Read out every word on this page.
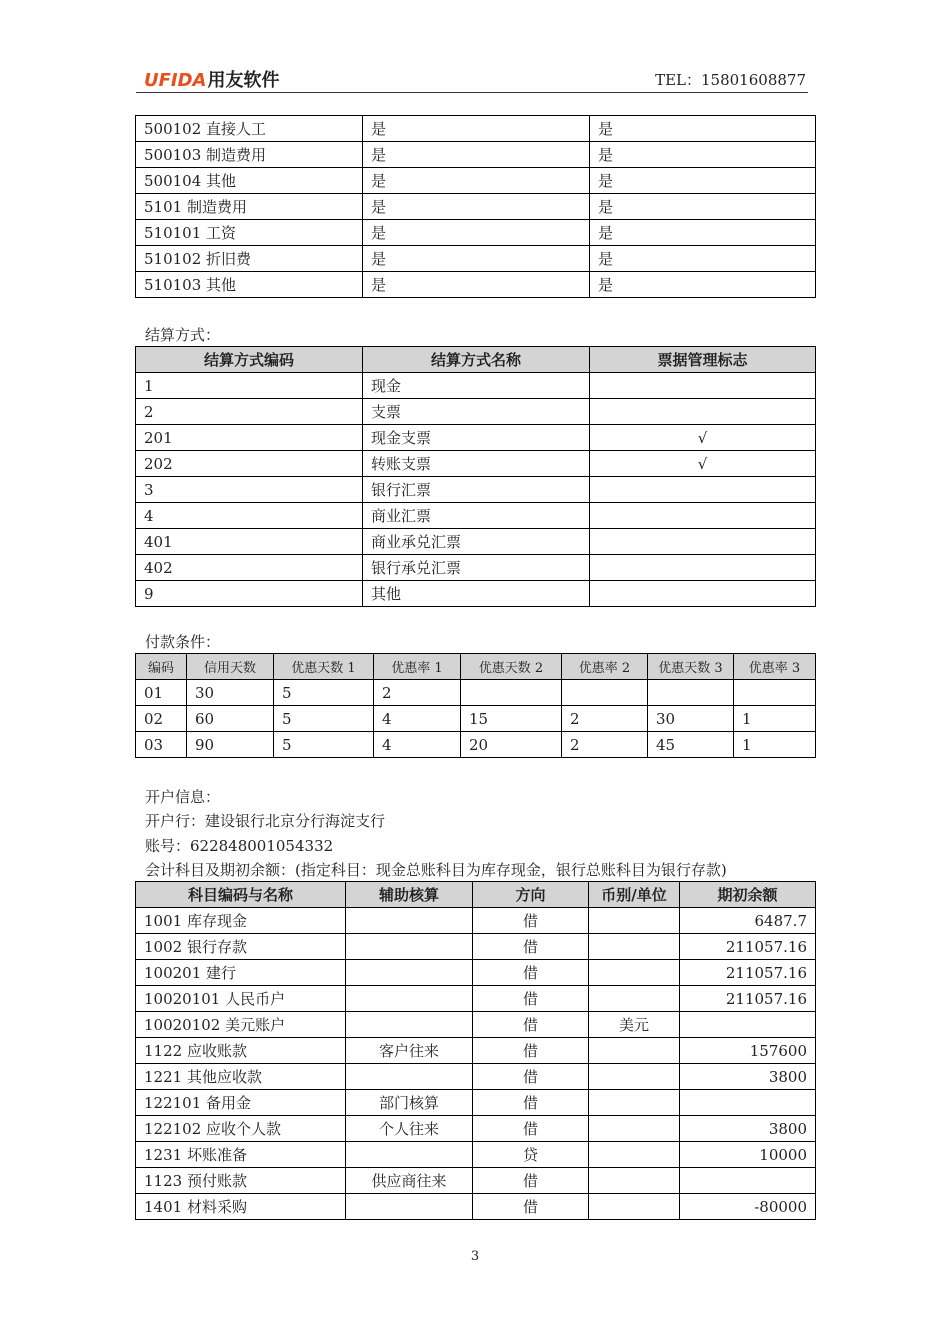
UFIDA用友软件	TEL：15801608877
500102 直接人工	是	是
500103 制造费用	是	是
500104 其他	是	是
5101 制造费用	是	是
510101 工资	是	是
510102 折旧费	是	是
510103 其他	是	是
结算方式：
结算方式编码	结算方式名称	票据管理标志
1	现金	
2	支票	
201	现金支票	√
202	转账支票	√
3	银行汇票	
4	商业汇票	
401	商业承兑汇票	
402	银行承兑汇票	
9	其他	
付款条件：
编码	信用天数	优惠天数 1	优惠率 1	优惠天数 2	优惠率 2	优惠天数 3	优惠率 3
01	30	5	2				
02	60	5	4	15	2	30	1
03	90	5	4	20	2	45	1
开户信息：
开户行：建设银行北京分行海淀支行
账号：622848001054332
会计科目及期初余额：(指定科目：现金总账科目为库存现金，银行总账科目为银行存款)
科目编码与名称	辅助核算	方向	币别/单位	期初余额
1001 库存现金		借		6487.7
1002 银行存款		借		211057.16
100201 建行		借		211057.16
10020101 人民币户		借		211057.16
10020102 美元账户		借	美元	
1122 应收账款	客户往来	借		157600
1221 其他应收款		借		3800
122101 备用金	部门核算	借		
122102 应收个人款	个人往来	借		3800
1231 坏账准备		贷		10000
1123 预付账款	供应商往来	借		
1401 材料采购		借		-80000
3
